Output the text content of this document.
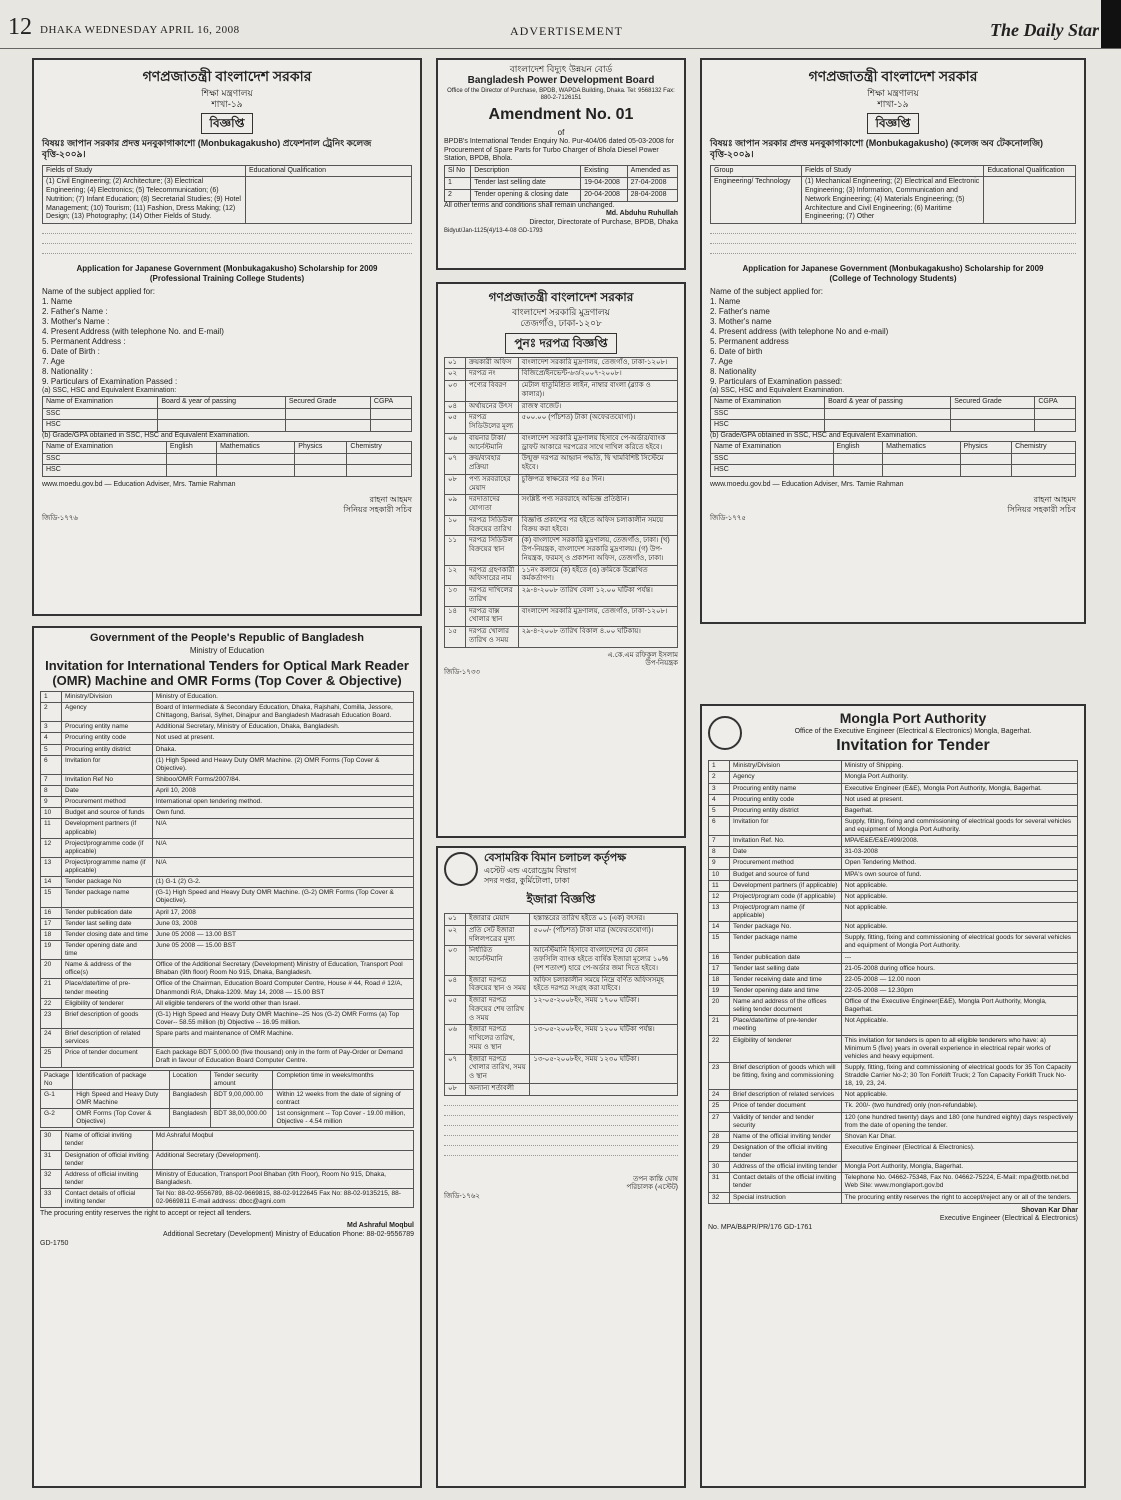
12 DHAKA WEDNESDAY APRIL 16, 2008	ADVERTISEMENT	The Daily Star
গণপ্রজাতন্ত্রী বাংলাদেশ সরকার
শিক্ষা মন্ত্রণালয়
শাখা-১৯
বিজ্ঞপ্তি
বিষয়ঃ জাপান সরকার প্রদত্ত মনবুকাগাকাশো (Monbukagakusho) প্রফেশনাল ট্রেনিং কলেজ বৃত্তি-২০০৯।
Fields of Study	Educational Qualification
(1) Civil Engineering; (2) Architecture; (3) Electrical Engineering; (4) Electronics; (5) Telecommunication; (6) Nutrition; (7) Infant Education; (8) Secretarial Studies; (9) Hotel Management; (10) Tourism; (11) Fashion, Dress Making; (12) Design; (13) Photography; (14) Other Fields of Study.	
Application for Japanese Government (Monbukagakusho) Scholarship for 2009
(Professional Training College Students)
Name of the subject applied for:
1. Name
2. Father's Name :
3. Mother's Name :
4. Present Address (with telephone No. and E-mail)
5. Permanent Address :
6. Date of Birth :
7. Age
8. Nationality :
9. Particulars of Examination Passed :
(a) SSC, HSC and Equivalent Examination:
Name of Examination	Board & year of passing	Secured Grade	CGPA
SSC			
HSC			
(b) Grade/GPA obtained in SSC, HSC and Equivalent Examination.
Name of Examination	English	Mathematics	Physics	Chemistry
SSC				
HSC				
www.moedu.gov.bd — Education Adviser, Mrs. Tamie Rahman
রাহনা আহমদ
সিনিয়র সহকারী সচিব
জিডি-১৭৭৬
বাংলাদেশ বিদ্যুৎ উন্নয়ন বোর্ড
Bangladesh Power Development Board
Office of the Director of Purchase, BPDB, WAPDA Building, Dhaka. Tel: 9568132 Fax: 880-2-7126151
Amendment No. 01
of
BPDB's International Tender Enquiry No. Pur-404/06 dated 05-03-2008 for Procurement of Spare Parts for Turbo Charger of Bhola Diesel Power Station, BPDB, Bhola.
Sl No	Description	Existing	Amended as
1	Tender last selling date	19-04-2008	27-04-2008
2	Tender opening & closing date	20-04-2008	28-04-2008
All other terms and conditions shall remain unchanged.
Md. Abduhu Ruhullah
Director, Directorate of Purchase, BPDB, Dhaka
Bidyut/Jan-1125(4)/13-4-08 GD-1793
গণপ্রজাতন্ত্রী বাংলাদেশ সরকার
বাংলাদেশ সরকারি মুদ্রণালয়
তেজগাঁও, ঢাকা-১২০৮
পুনঃ দরপত্র বিজ্ঞপ্তি
০১	ক্রয়কারী অফিস	বাংলাদেশ সরকারি মুদ্রণালয়, তেজগাঁও, ঢাকা-১২০৮।
০২	দরপত্র নং	বিজিপ্রে/ইনভেন্ট-৬৩/২০০৭-২০০৮।
০৩	পণ্যের বিবরণ	মেটাল ধাতুমিশ্রিত লাইন, নাম্বার বাংলা (ব্ল্যাক ও কালার)।
০৪	অর্থায়নের উৎস	রাজস্ব বাজেট।
০৫	দরপত্র সিডিউলের মূল্য	৫০০.০০ (পাঁচশত) টাকা (অফেরতযোগ্য)।
০৬	বায়নার টাকা/ আর্নেস্টমানি	বাংলাদেশ সরকারি মুদ্রণালয় হিসাবে পে-অর্ডার/ব্যাংক ড্রাফট আকারে দরপত্রের সাথে দাখিল করিতে হইবে।
০৭	ক্রয়/ব্যবহার প্রক্রিয়া	উন্মুক্ত দরপত্র আহ্বান পদ্ধতি, দ্বি খামবিশিষ্ট সিস্টেমে হইবে।
০৮	পণ্য সরবরাহের মেয়াদ	চুক্তিপত্র স্বাক্ষরের পর ৪৫ দিন।
০৯	দরদাতাদের যোগ্যতা	সংশ্লিষ্ট পণ্য সরবরাহে অভিজ্ঞ প্রতিষ্ঠান।
১০	দরপত্র সিডিউল বিক্রয়ের তারিখ	বিজ্ঞপ্তি প্রকাশের পর হইতে অফিস চলাকালীন সময়ে বিক্রয় করা হইবে।
১১	দরপত্র সিডিউল বিক্রয়ের স্থান	(ক) বাংলাদেশ সরকারি মুদ্রণালয়, তেজগাঁও, ঢাকা। (খ) উপ-নিয়ন্ত্রক, বাংলাদেশ সরকারি মুদ্রণালয়। (গ) উপ-নিয়ন্ত্রক, ফরমস্ ও প্রকাশনা অফিস, তেজগাঁও, ঢাকা।
১২	দরপত্র গ্রহণকারী অফিসারের নাম	১১নং কলামে (ক) হইতে (ঙ) ক্রমিকে উল্লেখিত কর্মকর্তাগণ।
১৩	দরপত্র দাখিলের তারিখ	২৯-৪-২০০৮ তারিখ বেলা ১২.০০ ঘটিকা পর্যন্ত।
১৪	দরপত্র বাক্স খোলার স্থান	বাংলাদেশ সরকারি মুদ্রণালয়, তেজগাঁও, ঢাকা-১২০৮।
১৫	দরপত্র খোলার তারিখ ও সময়	২৯-৪-২০০৮ তারিখ বিকাল ৪.০০ ঘটিকায়।
এ.কে.এম রফিকুল ইসলাম
উপ-নিয়ন্ত্রক
জিডি-১৭৩৩
গণপ্রজাতন্ত্রী বাংলাদেশ সরকার
শিক্ষা মন্ত্রণালয়
শাখা-১৯
বিজ্ঞপ্তি
বিষয়ঃ জাপান সরকার প্রদত্ত মনবুকাগাকাশো (Monbukagakusho) (কলেজ অব টেকনোলজি) বৃত্তি-২০০৯।
Group	Fields of Study	Educational Qualification
Engineering/ Technology	(1) Mechanical Engineering; (2) Electrical and Electronic Engineering; (3) Information, Communication and Network Engineering; (4) Materials Engineering; (5) Architecture and Civil Engineering; (6) Maritime Engineering; (7) Other	
Application for Japanese Government (Monbukagakusho) Scholarship for 2009
(College of Technology Students)
Name of the subject applied for:
1. Name
2. Father's name
3. Mother's name
4. Present address (with telephone No and e-mail)
5. Permanent address
6. Date of birth
7. Age
8. Nationality
9. Particulars of Examination passed:
(a) SSC, HSC and Equivalent Examination.
Name of Examination	Board & year of passing	Secured Grade	CGPA
SSC			
HSC			
(b) Grade/GPA obtained in SSC, HSC and Equivalent Examination.
Name of Examination	English	Mathematics	Physics	Chemistry
SSC				
HSC				
www.moedu.gov.bd — Education Adviser, Mrs. Tamie Rahman
রাহনা আহমদ
সিনিয়র সহকারী সচিব
জিডি-১৭৭৫
Government of the People's Republic of Bangladesh
Ministry of Education
Invitation for International Tenders for Optical Mark Reader (OMR) Machine and OMR Forms (Top Cover & Objective)
1	Ministry/Division	Ministry of Education.
2	Agency	Board of Intermediate & Secondary Education, Dhaka, Rajshahi, Comilla, Jessore, Chittagong, Barisal, Sylhet, Dinajpur and Bangladesh Madrasah Education Board.
3	Procuring entity name	Additional Secretary, Ministry of Education, Dhaka, Bangladesh.
4	Procuring entity code	Not used at present.
5	Procuring entity district	Dhaka.
6	Invitation for	(1) High Speed and Heavy Duty OMR Machine. (2) OMR Forms (Top Cover & Objective).
7	Invitation Ref No	Shiboo/OMR Forms/2007/84.
8	Date	April 10, 2008
9	Procurement method	International open tendering method.
10	Budget and source of funds	Own fund.
11	Development partners (if applicable)	N/A
12	Project/programme code (if applicable)	N/A
13	Project/programme name (if applicable)	N/A
14	Tender package No	(1) G-1 (2) G-2.
15	Tender package name	(G-1) High Speed and Heavy Duty OMR Machine. (G-2) OMR Forms (Top Cover & Objective).
16	Tender publication date	April 17, 2008
17	Tender last selling date	June 03, 2008
18	Tender closing date and time	June 05 2008 — 13.00 BST
19	Tender opening date and time	June 05 2008 — 15.00 BST
20	Name & address of the office(s)	Office of the Additional Secretary (Development) Ministry of Education, Transport Pool Bhaban (9th floor) Room No 915, Dhaka, Bangladesh.
21	Place/date/time of pre-tender meeting	Office of the Chairman, Education Board Computer Centre, House # 44, Road # 12/A, Dhanmondi R/A, Dhaka-1209. May 14, 2008 — 15.00 BST
22	Eligibility of tenderer	All eligible tenderers of the world other than Israel.
23	Brief description of goods	(G-1) High Speed and Heavy Duty OMR Machine--25 Nos (G-2) OMR Forms (a) Top Cover-- 58.55 million (b) Objective -- 16.95 million.
24	Brief description of related services	Spare parts and maintenance of OMR Machine.
25	Price of tender document	Each package BDT 5,000.00 (five thousand) only in the form of Pay-Order or Demand Draft in favour of Education Board Computer Centre.
Package No	Identification of package	Location	Tender security amount	Completion time in weeks/months
G-1	High Speed and Heavy Duty OMR Machine	Bangladesh	BDT 9,00,000.00	Within 12 weeks from the date of signing of contract
G-2	OMR Forms (Top Cover & Objective)	Bangladesh	BDT 38,00,000.00	1st consignment -- Top Cover - 19.00 million, Objective - 4.54 million
30	Name of official inviting tender	Md Ashraful Moqbul
31	Designation of official inviting tender	Additional Secretary (Development).
32	Address of official inviting tender	Ministry of Education, Transport Pool Bhaban (9th Floor), Room No 915, Dhaka, Bangladesh.
33	Contact details of official inviting tender	Tel No: 88-02-9556789, 88-02-9669815, 88-02-9122645 Fax No: 88-02-9135215, 88-02-9669811 E-mail address: dbcc@agni.com
The procuring entity reserves the right to accept or reject all tenders.
Md Ashraful Moqbul
Additional Secretary (Development) Ministry of Education Phone: 88-02-9556789
GD-1750
বেসামরিক বিমান চলাচল কর্তৃপক্ষ
এস্টেট এন্ড এরোড্রোম বিভাগ
সদর দপ্তর, কুর্মিটোলা, ঢাকা
ইজারা বিজ্ঞপ্তি
০১	ইজারার মেয়াদ	হস্তান্তরের তারিখ হইতে ০১ (এক) বৎসর।
০২	প্রতি সেট ইজারা দলিলপত্রের মূল্য	৫০০/- (পাঁচশত) টাকা মাত্র (অফেরতযোগ্য)।
০৩	নির্ধারিত আর্নেস্টমানি	আর্নেস্টমানি হিসাবে বাংলাদেশের যে কোন তফসিলি ব্যাংক হইতে বার্ষিক ইজারা মূল্যের ১০% (দশ শতাংশ) হারে পে-অর্ডার জমা দিতে হইবে।
০৪	ইজারা দরপত্র বিক্রয়ের স্থান ও সময়	অফিস চলাকালীন সময়ে নিম্নে বর্ণিত অফিসসমূহ হইতে দরপত্র সংগ্রহ করা যাইবে।
০৫	ইজারা দরপত্র বিক্রয়ের শেষ তারিখ ও সময়	১২-০৫-২০০৮ইং, সময় ১৭০০ ঘটিকা।
০৬	ইজারা দরপত্র দাখিলের তারিখ, সময় ও স্থান	১৩-০৫-২০০৮ইং, সময় ১২০০ ঘটিকা পর্যন্ত।
০৭	ইজারা দরপত্র খোলার তারিখ, সময় ও স্থান	১৩-০৫-২০০৮ইং, সময় ১২৩০ ঘটিকা।
০৮	অন্যান্য শর্তাবলী	
তপন কান্তি ঘোষ
পরিচালক (এস্টেট)
জিডি-১৭৬২
Mongla Port Authority
Office of the Executive Engineer (Electrical & Electronics) Mongla, Bagerhat.
Invitation for Tender
1	Ministry/Division	Ministry of Shipping.
2	Agency	Mongla Port Authority.
3	Procuring entity name	Executive Engineer (E&E), Mongla Port Authority, Mongla, Bagerhat.
4	Procuring entity code	Not used at present.
5	Procuring entity district	Bagerhat.
6	Invitation for	Supply, fitting, fixing and commissioning of electrical goods for several vehicles and equipment of Mongla Port Authority.
7	Invitation Ref. No.	MPA/E&E/E&E/499/2008.
8	Date	31-03-2008
9	Procurement method	Open Tendering Method.
10	Budget and source of fund	MPA's own source of fund.
11	Development partners (if applicable)	Not applicable.
12	Project/program code (if applicable)	Not applicable.
13	Project/program name (if applicable)	Not applicable.
14	Tender package No.	Not applicable.
15	Tender package name	Supply, fitting, fixing and commissioning of electrical goods for several vehicles and equipment of Mongla Port Authority.
16	Tender publication date	---
17	Tender last selling date	21-05-2008 during office hours.
18	Tender receiving date and time	22-05-2008 — 12.00 noon
19	Tender opening date and time	22-05-2008 — 12.30pm
20	Name and address of the offices selling tender document	Office of the Executive Engineer(E&E), Mongla Port Authority, Mongla, Bagerhat.
21	Place/date/time of pre-tender meeting	Not Applicable.
22	Eligibility of tenderer	This invitation for tenders is open to all eligible tenderers who have: a) Minimum 5 (five) years in overall experience in electrical repair works of vehicles and heavy equipment.
23	Brief description of goods which will be fitting, fixing and commissioning	Supply, fitting, fixing and commissioning of electrical goods for 35 Ton Capacity Straddle Carrier No-2; 30 Ton Forklift Truck; 2 Ton Capacity Forklift Truck No-18, 19, 23, 24.
24	Brief description of related services	Not applicable.
25	Price of tender document	Tk. 200/- (two hundred) only (non-refundable).
27	Validity of tender and tender security	120 (one hundred twenty) days and 180 (one hundred eighty) days respectively from the date of opening the tender.
28	Name of the official inviting tender	Shovan Kar Dhar.
29	Designation of the official inviting tender	Executive Engineer (Electrical & Electronics).
30	Address of the official inviting tender	Mongla Port Authority, Mongla, Bagerhat.
31	Contact details of the official inviting tender	Telephone No. 04662-75348, Fax No. 04662-75224, E-Mail: mpa@bttb.net.bd Web Site: www.monglaport.gov.bd
32	Special instruction	The procuring entity reserves the right to accept/reject any or all of the tenders.
Shovan Kar Dhar
Executive Engineer (Electrical & Electronics)
No. MPA/B&PR/PR/176 GD-1761
